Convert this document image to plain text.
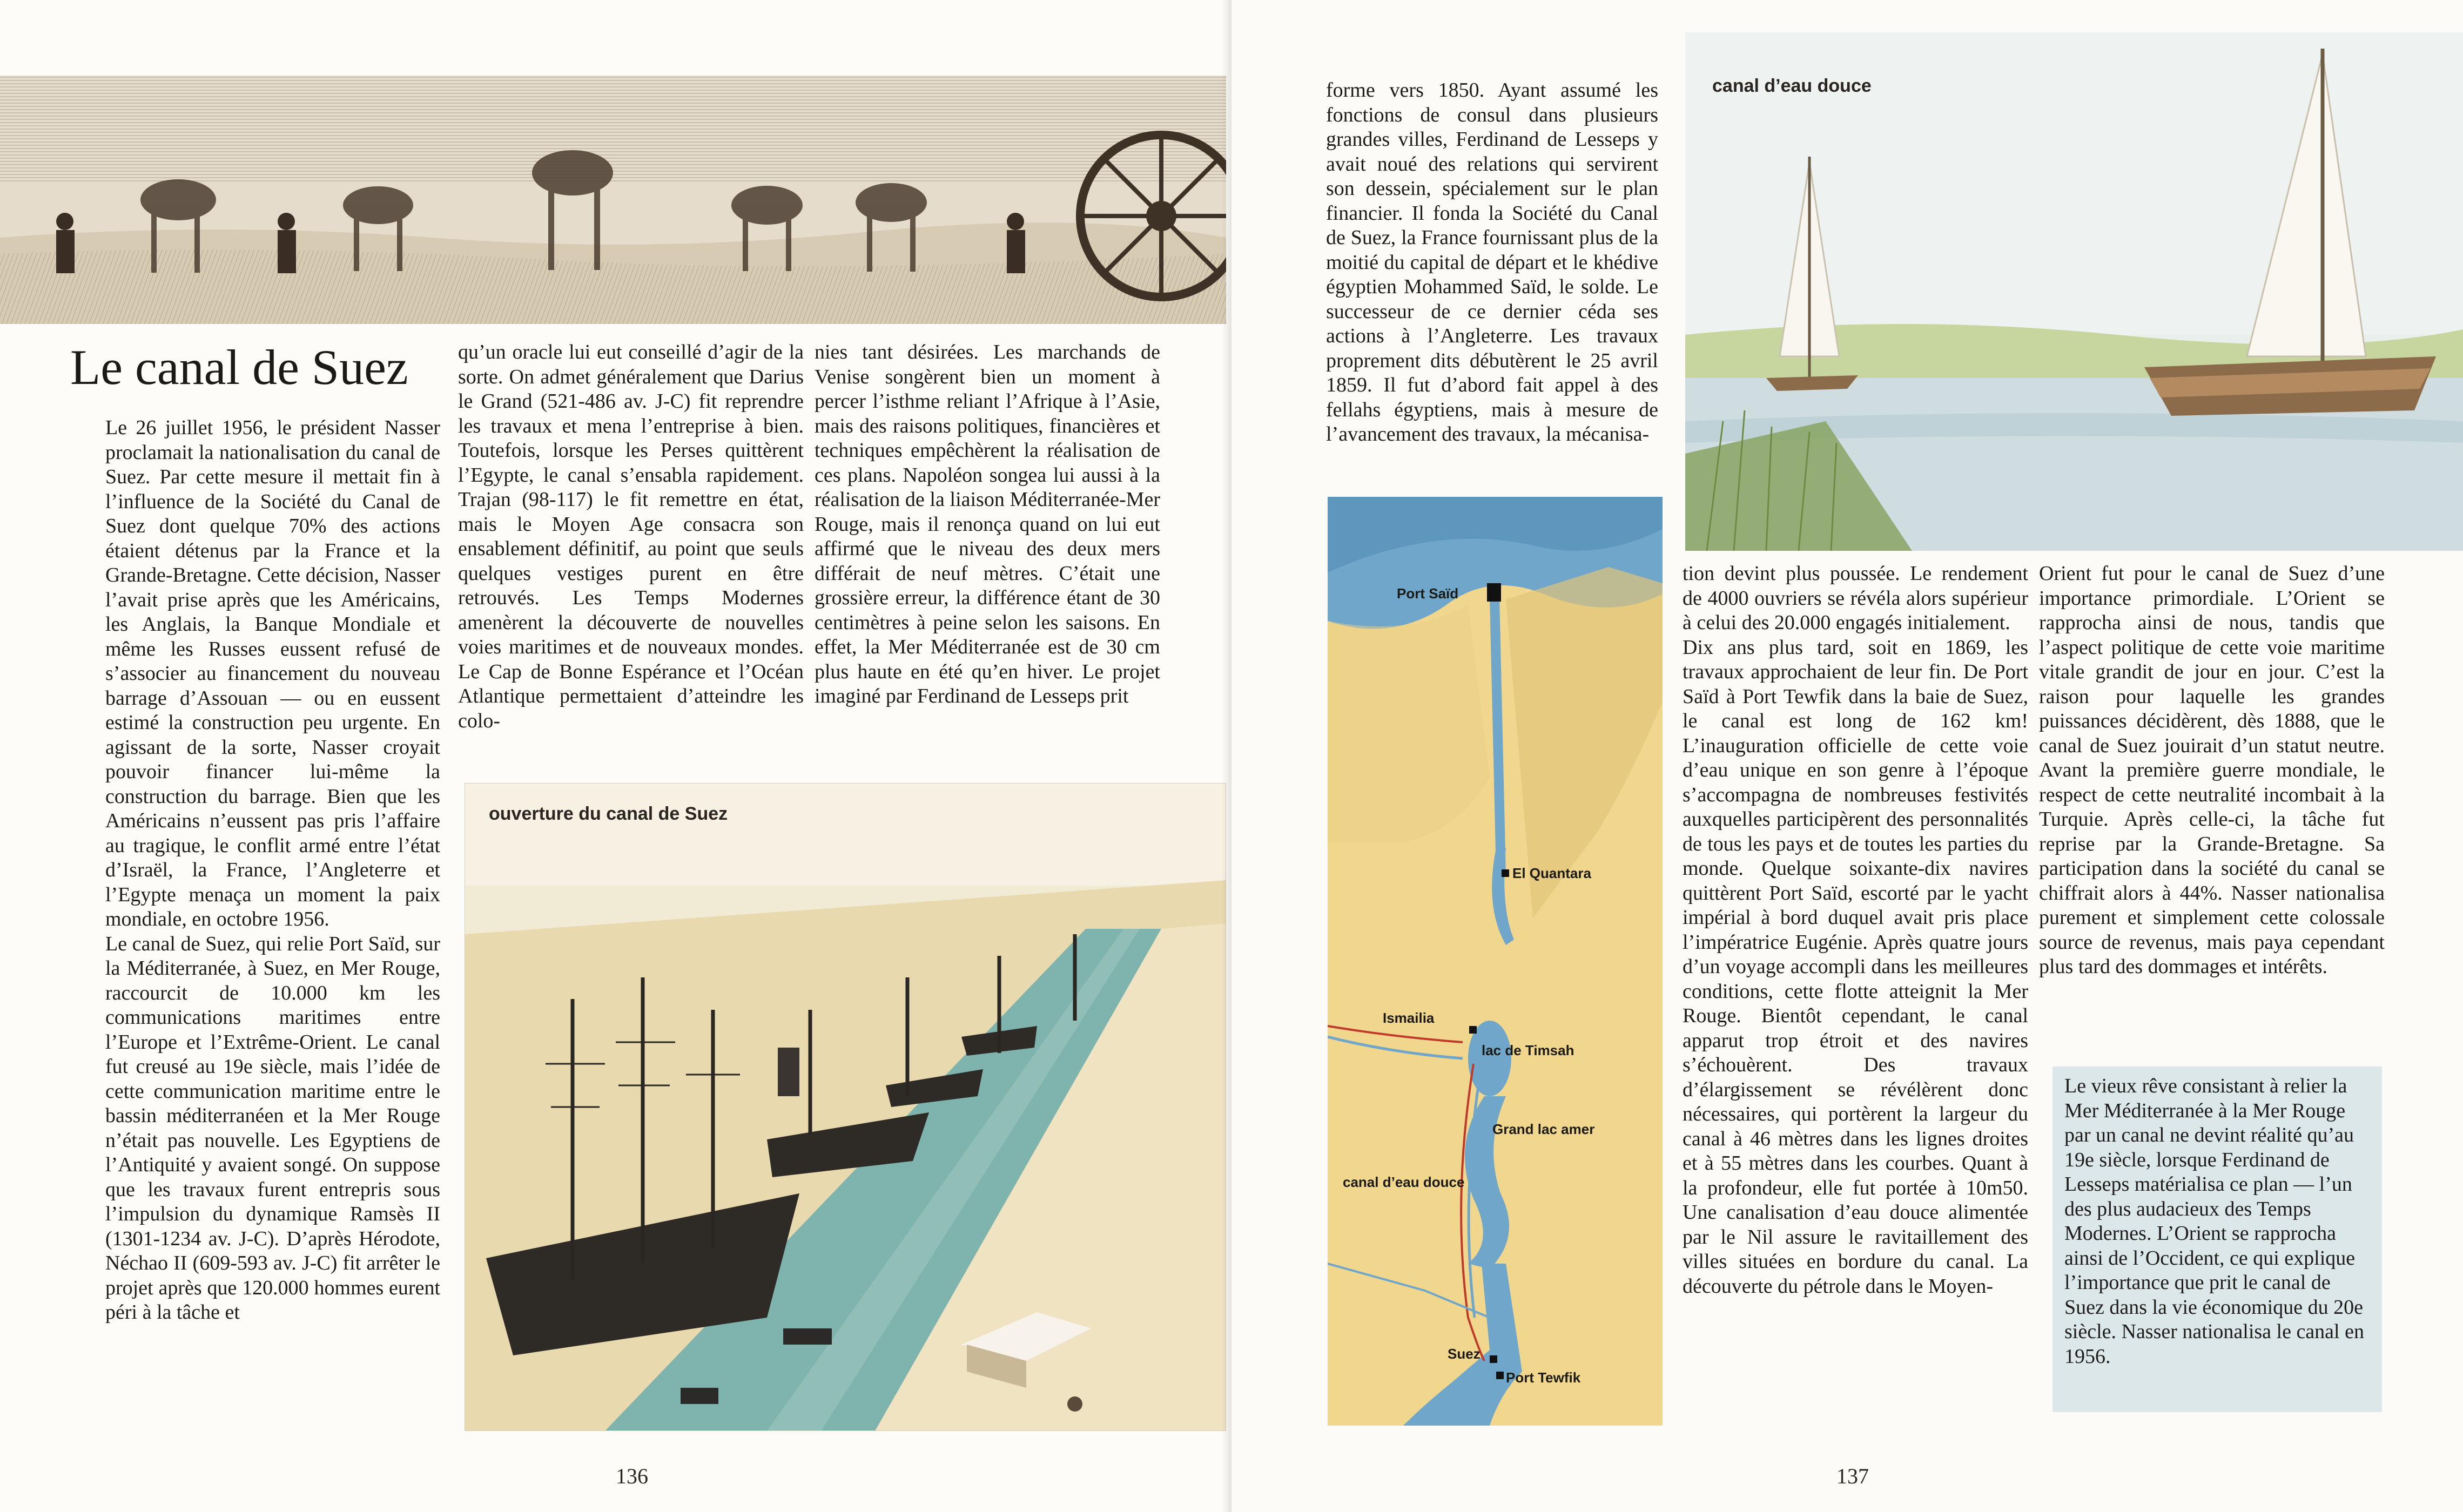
Le canal de Suez

Le 26 juillet 1956, le président Nasser proclamait la nationalisation du canal de Suez. Par cette mesure il mettait fin à l’influence de la Société du Canal de Suez dont quelque 70% des actions étaient détenus par la France et la Grande-Bretagne. Cette décision, Nasser l’avait prise après que les Américains, les Anglais, la Banque Mondiale et même les Russes eussent refusé de s’associer au financement du nouveau barrage d’Assouan — ou en eussent estimé la construction peu urgente. En agissant de la sorte, Nasser croyait pouvoir financer lui-même la construction du barrage. Bien que les Américains n’eussent pas pris l’affaire au tragique, le conflit armé entre l’état d’Israël, la France, l’Angleterre et l’Egypte menaça un moment la paix mondiale, en octobre 1956.

Le canal de Suez, qui relie Port Saïd, sur la Méditerranée, à Suez, en Mer Rouge, raccourcit de 10.000 km les communications maritimes entre l’Europe et l’Extrême-Orient. Le canal fut creusé au 19e siècle, mais l’idée de cette communication maritime entre le bassin méditerranéen et la Mer Rouge n’était pas nouvelle. Les Egyptiens de l’Antiquité y avaient songé. On suppose que les travaux furent entrepris sous l’impulsion du dynamique Ramsès II (1301-1234 av. J-C). D’après Hérodote, Néchao II (609-593 av. J-C) fit arrêter le projet après que 120.000 hommes eurent péri à la tâche et

qu’un oracle lui eut conseillé d’agir de la sorte. On admet généralement que Darius le Grand (521-486 av. J-C) fit reprendre les travaux et mena l’entreprise à bien. Toutefois, lorsque les Perses quittèrent l’Egypte, le canal s’ensabla rapidement. Trajan (98-117) le fit remettre en état, mais le Moyen Age consacra son ensablement définitif, au point que seuls quelques vestiges purent en être retrouvés. Les Temps Modernes amenèrent la découverte de nouvelles voies maritimes et de nouveaux mondes. Le Cap de Bonne Espérance et l’Océan Atlantique permettaient d’atteindre les colo-

nies tant désirées. Les marchands de Venise songèrent bien un moment à percer l’isthme reliant l’Afrique à l’Asie, mais des raisons politiques, financières et techniques empêchèrent la réalisation de ces plans. Napoléon songea lui aussi à la réalisation de la liaison Méditerranée-Mer Rouge, mais il renonça quand on lui eut affirmé que le niveau des deux mers différait de neuf mètres. C’était une grossière erreur, la différence étant de 30 centimètres à peine selon les saisons. En effet, la Mer Méditerranée est de 30 cm plus haute en été qu’en hiver. Le projet imaginé par Ferdinand de Lesseps prit

ouverture du canal de Suez
136

forme vers 1850. Ayant assumé les fonctions de consul dans plusieurs grandes villes, Ferdinand de Lesseps y avait noué des relations qui servirent son dessein, spécialement sur le plan financier. Il fonda la Société du Canal de Suez, la France fournissant plus de la moitié du capital de départ et le khédive égyptien Mohammed Saïd, le solde. Le successeur de ce dernier céda ses actions à l’Angleterre. Les travaux proprement dits débutèrent le 25 avril 1859. Il fut d’abord fait appel à des fellahs égyptiens, mais à mesure de l’avancement des travaux, la mécanisa-

canal d’eau douce
Port Saïd
El Quantara
Ismailia
lac de Timsah
Grand lac amer
canal d’eau douce
Suez
Port Tewfik

tion devint plus poussée. Le rendement de 4000 ouvriers se révéla alors supérieur à celui des 20.000 engagés initialement.

Dix ans plus tard, soit en 1869, les travaux approchaient de leur fin. De Port Saïd à Port Tewfik dans la baie de Suez, le canal est long de 162 km! L’inauguration officielle de cette voie d’eau unique en son genre à l’époque s’accompagna de nombreuses festivités auxquelles participèrent des personnalités de tous les pays et de toutes les parties du monde. Quelque soixante-dix navires quittèrent Port Saïd, escorté par le yacht impérial à bord duquel avait pris place l’impératrice Eugénie. Après quatre jours d’un voyage accompli dans les meilleures conditions, cette flotte atteignit la Mer Rouge. Bientôt cependant, le canal apparut trop étroit et des navires s’échouèrent. Des travaux d’élargissement se révélèrent donc nécessaires, qui portèrent la largeur du canal à 46 mètres dans les lignes droites et à 55 mètres dans les courbes. Quant à la profondeur, elle fut portée à 10m50. Une canalisation d’eau douce alimentée par le Nil assure le ravitaillement des villes situées en bordure du canal. La découverte du pétrole dans le Moyen-

Orient fut pour le canal de Suez d’une importance primordiale. L’Orient se rapprocha ainsi de nous, tandis que l’aspect politique de cette voie maritime vitale grandit de jour en jour. C’est la raison pour laquelle les grandes puissances décidèrent, dès 1888, que le canal de Suez jouirait d’un statut neutre. Avant la première guerre mondiale, le respect de cette neutralité incombait à la Turquie. Après celle-ci, la tâche fut reprise par la Grande-Bretagne. Sa participation dans la société du canal se chiffrait alors à 44%. Nasser nationalisa purement et simplement cette colossale source de revenus, mais paya cependant plus tard des dommages et intérêts.

137
Le vieux rêve consistant à relier la Mer Méditerranée à la Mer Rouge par un canal ne devint réalité qu’au 19e siècle, lorsque Ferdinand de Lesseps matérialisa ce plan — l’un des plus audacieux des Temps Modernes. L’Orient se rapprocha ainsi de l’Occident, ce qui explique l’importance que prit le canal de Suez dans la vie économique du 20e siècle. Nasser nationalisa le canal en 1956.
